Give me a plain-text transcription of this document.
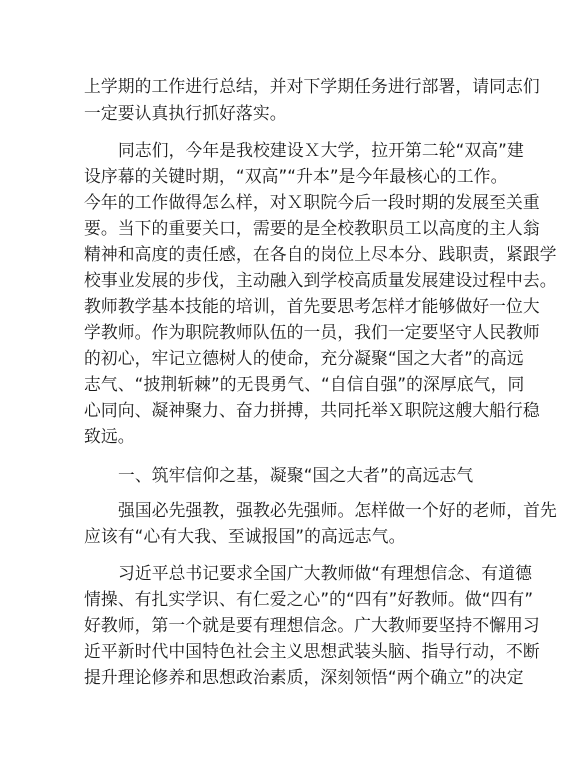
上学期的工作进行总结，并对下学期任务进行部署，请同志们
一定要认真执行抓好落实。
同志们，今年是我校建设Ｘ大学，拉开第二轮“双高”建
设序幕的关键时期，“双高”“升本”是今年最核心的工作。
今年的工作做得怎么样，对Ｘ职院今后一段时期的发展至关重
要。当下的重要关口，需要的是全校教职员工以高度的主人翁
精神和高度的责任感，在各自的岗位上尽本分、践职责，紧跟学
校事业发展的步伐，主动融入到学校高质量发展建设过程中去。
教师教学基本技能的培训，首先要思考怎样才能够做好一位大
学教师。作为职院教师队伍的一员，我们一定要坚守人民教师
的初心，牢记立德树人的使命，充分凝聚“国之大者”的高远
志气、“披荆斩棘”的无畏勇气、“自信自强”的深厚底气，同
心同向、凝神聚力、奋力拼搏，共同托举Ｘ职院这艘大船行稳
致远。
一、筑牢信仰之基，凝聚“国之大者”的高远志气
强国必先强教，强教必先强师。怎样做一个好的老师，首先
应该有“心有大我、至诚报国”的高远志气。
习近平总书记要求全国广大教师做“有理想信念、有道德
情操、有扎实学识、有仁爱之心”的“四有”好教师。做“四有”
好教师，第一个就是要有理想信念。广大教师要坚持不懈用习
近平新时代中国特色社会主义思想武装头脑、指导行动，不断
提升理论修养和思想政治素质，深刻领悟“两个确立”的决定
